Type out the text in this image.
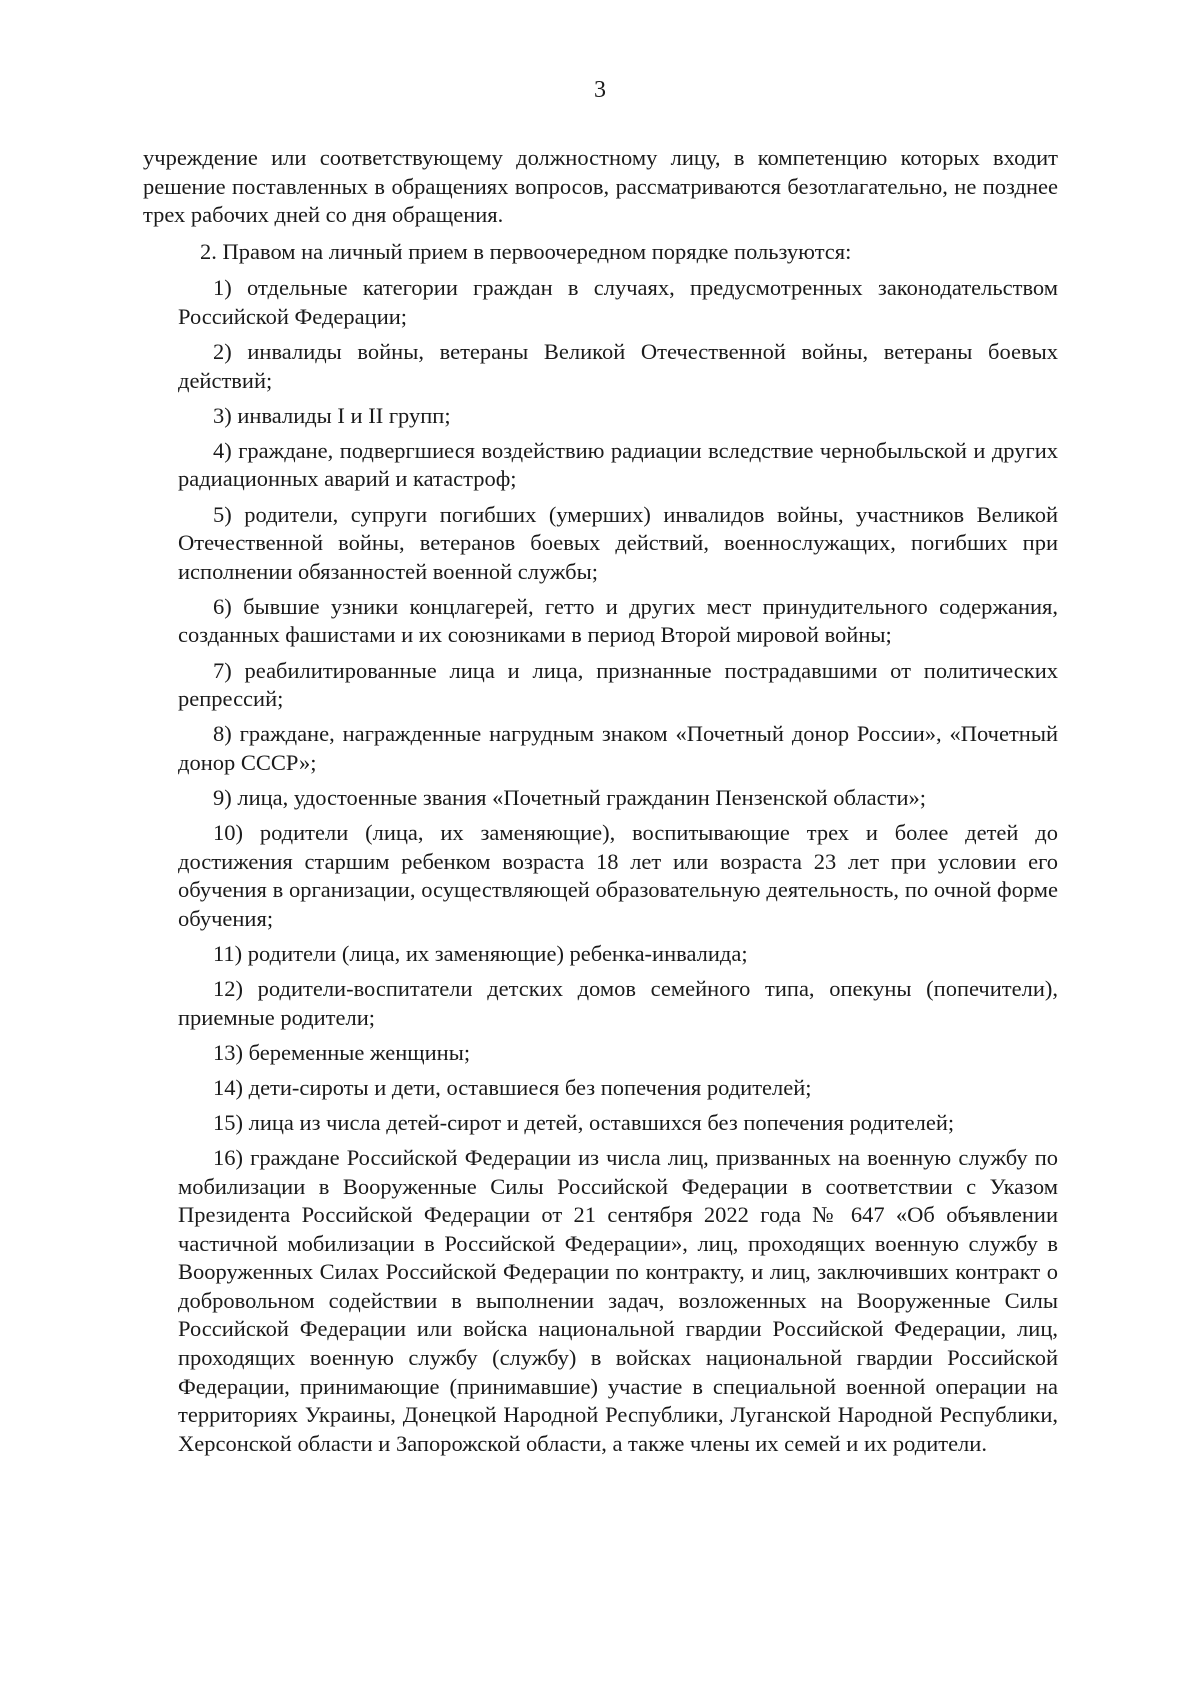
3

учреждение или соответствующему должностному лицу, в компетенцию которых входит решение поставленных в обращениях вопросов, рассматриваются безотлагательно, не позднее трех рабочих дней со дня обращения.

2. Правом на личный прием в первоочередном порядке пользуются:

1) отдельные категории граждан в случаях, предусмотренных законодательством Российской Федерации;

2) инвалиды войны, ветераны Великой Отечественной войны, ветераны боевых действий;

3) инвалиды I и II групп;

4) граждане, подвергшиеся воздействию радиации вследствие чернобыльской и других радиационных аварий и катастроф;

5) родители, супруги погибших (умерших) инвалидов войны, участников Великой Отечественной войны, ветеранов боевых действий, военнослужащих, погибших при исполнении обязанностей военной службы;

6) бывшие узники концлагерей, гетто и других мест принудительного содержания, созданных фашистами и их союзниками в период Второй мировой войны;

7) реабилитированные лица и лица, признанные пострадавшими от политических репрессий;

8) граждане, награжденные нагрудным знаком «Почетный донор России», «Почетный донор СССР»;

9) лица, удостоенные звания «Почетный гражданин Пензенской области»;

10) родители (лица, их заменяющие), воспитывающие трех и более детей до достижения старшим ребенком возраста 18 лет или возраста 23 лет при условии его обучения в организации, осуществляющей образовательную деятельность, по очной форме обучения;

11) родители (лица, их заменяющие) ребенка-инвалида;

12) родители-воспитатели детских домов семейного типа, опекуны (попечители), приемные родители;

13) беременные женщины;

14) дети-сироты и дети, оставшиеся без попечения родителей;

15) лица из числа детей-сирот и детей, оставшихся без попечения родителей;

16) граждане Российской Федерации из числа лиц, призванных на военную службу по мобилизации в Вооруженные Силы Российской Федерации в соответствии с Указом Президента Российской Федерации от 21 сентября 2022 года № 647 «Об объявлении частичной мобилизации в Российской Федерации», лиц, проходящих военную службу в Вооруженных Силах Российской Федерации по контракту, и лиц, заключивших контракт о добровольном содействии в выполнении задач, возложенных на Вооруженные Силы Российской Федерации или войска национальной гвардии Российской Федерации, лиц, проходящих военную службу (службу) в войсках национальной гвардии Российской Федерации, принимающие (принимавшие) участие в специальной военной операции на территориях Украины, Донецкой Народной Республики, Луганской Народной Республики, Херсонской области и Запорожской области, а также члены их семей и их родители.
